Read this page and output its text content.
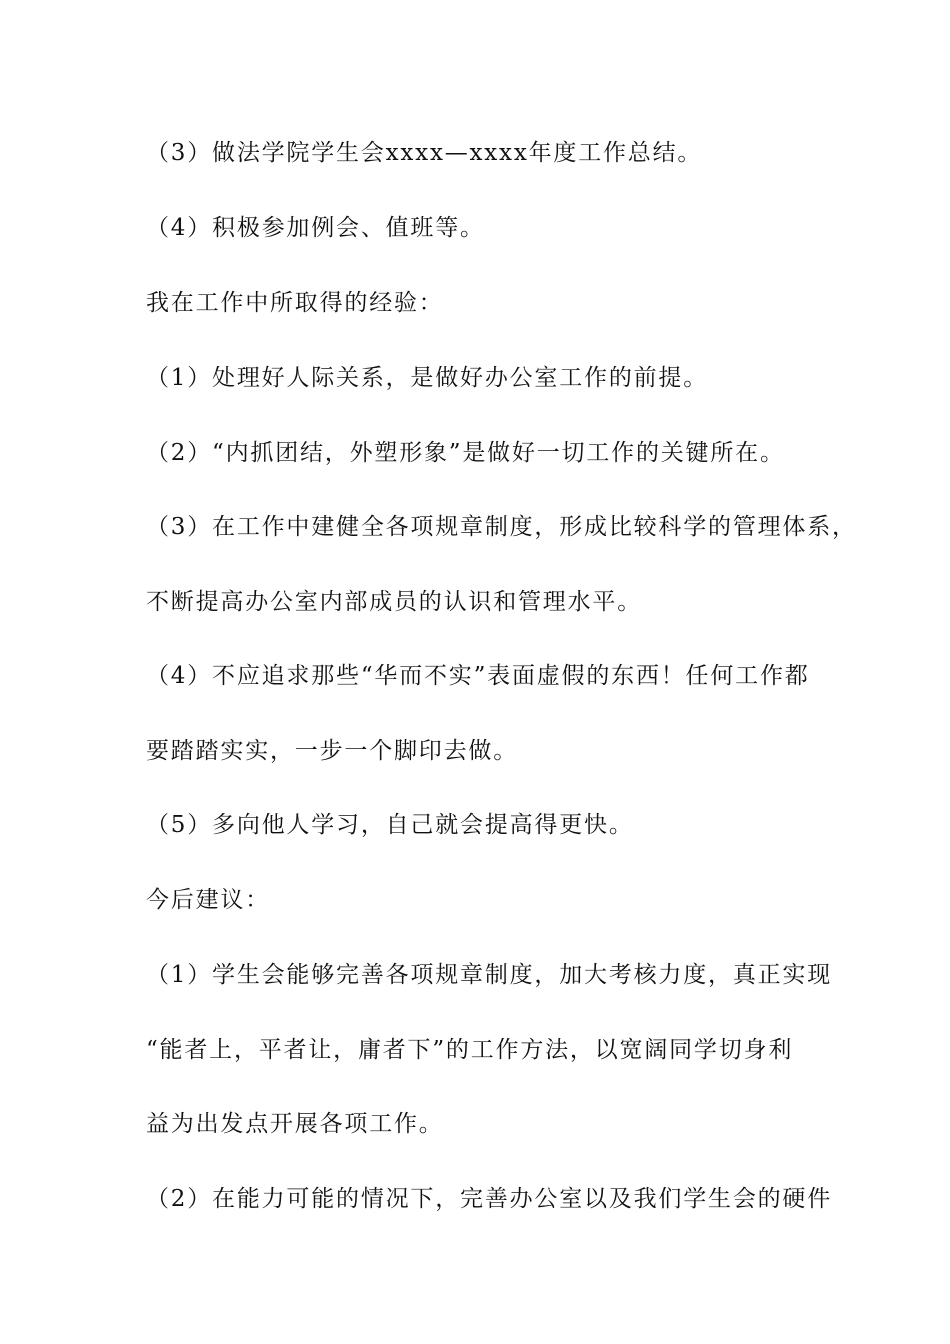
（3）做法学院学生会xxxx—xxxx年度工作总结。

（4）积极参加例会、值班等。

我在工作中所取得的经验：

（1）处理好人际关系，是做好办公室工作的前提。

（2）“内抓团结，外塑形象”是做好一切工作的关键所在。

（3）在工作中建健全各项规章制度，形成比较科学的管理体系，

不断提高办公室内部成员的认识和管理水平。

（4）不应追求那些“华而不实”表面虚假的东西！任何工作都

要踏踏实实，一步一个脚印去做。

（5）多向他人学习，自己就会提高得更快。

今后建议：

（1）学生会能够完善各项规章制度，加大考核力度，真正实现

“能者上，平者让，庸者下”的工作方法，以宽阔同学切身利

益为出发点开展各项工作。

（2）在能力可能的情况下，完善办公室以及我们学生会的硬件
